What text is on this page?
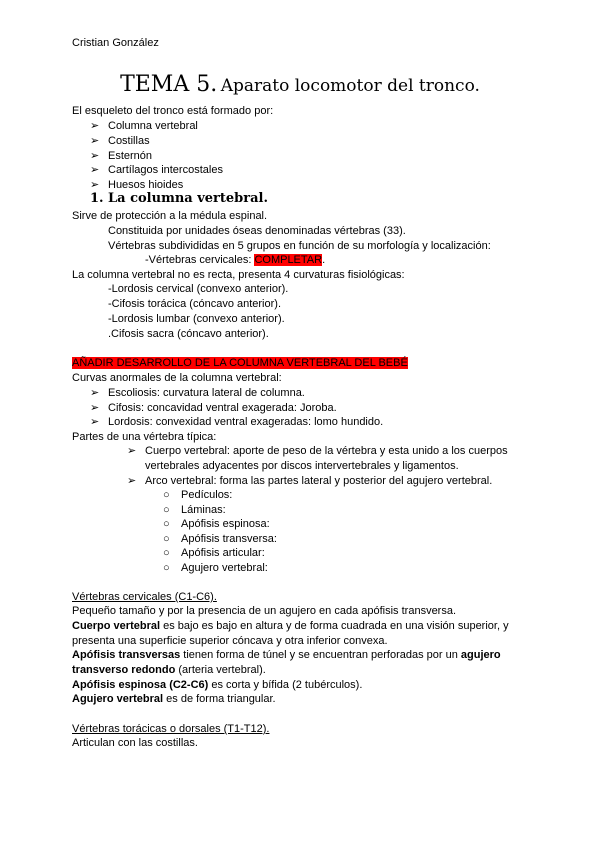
Cristian González
TEMA 5. Aparato locomotor del tronco.
El esqueleto del tronco está formado por:
➢ Columna vertebral
➢ Costillas
➢ Esternón
➢ Cartílagos intercostales
➢ Huesos hioides
1. La columna vertebral.
Sirve de protección a la médula espinal.
Constituida por unidades óseas denominadas vértebras (33).
Vértebras subdivididas en 5 grupos en función de su morfología y localización:
-Vértebras cervicales: COMPLETAR.
La columna vertebral no es recta, presenta 4 curvaturas fisiológicas:
-Lordosis cervical (convexo anterior).
-Cifosis torácica (cóncavo anterior).
-Lordosis lumbar (convexo anterior).
.Cifosis sacra (cóncavo anterior).
AÑADIR DESARROLLO DE LA COLUMNA VERTEBRAL DEL BEBÉ
Curvas anormales de la columna vertebral:
➢ Escoliosis: curvatura lateral de columna.
➢ Cifosis: concavidad ventral exagerada: Joroba.
➢ Lordosis: convexidad ventral exageradas: lomo hundido.
Partes de una vértebra típica:
➢ Cuerpo vertebral: aporte de peso de la vértebra y esta unido a los cuerpos
vertebrales adyacentes por discos intervertebrales y ligamentos.
➢ Arco vertebral: forma las partes lateral y posterior del agujero vertebral.
○ Pedículos:
○ Láminas:
○ Apófisis espinosa:
○ Apófisis transversa:
○ Apófisis articular:
○ Agujero vertebral:
Vértebras cervicales (C1-C6).
Pequeño tamaño y por la presencia de un agujero en cada apófisis transversa.
Cuerpo vertebral es bajo es bajo en altura y de forma cuadrada en una visión superior, y
presenta una superficie superior cóncava y otra inferior convexa.
Apófisis transversas tienen forma de túnel y se encuentran perforadas por un agujero
transverso redondo (arteria vertebral).
Apófisis espinosa (C2-C6) es corta y bífida (2 tubérculos).
Agujero vertebral es de forma triangular.
Vértebras torácicas o dorsales (T1-T12).
Articulan con las costillas.
